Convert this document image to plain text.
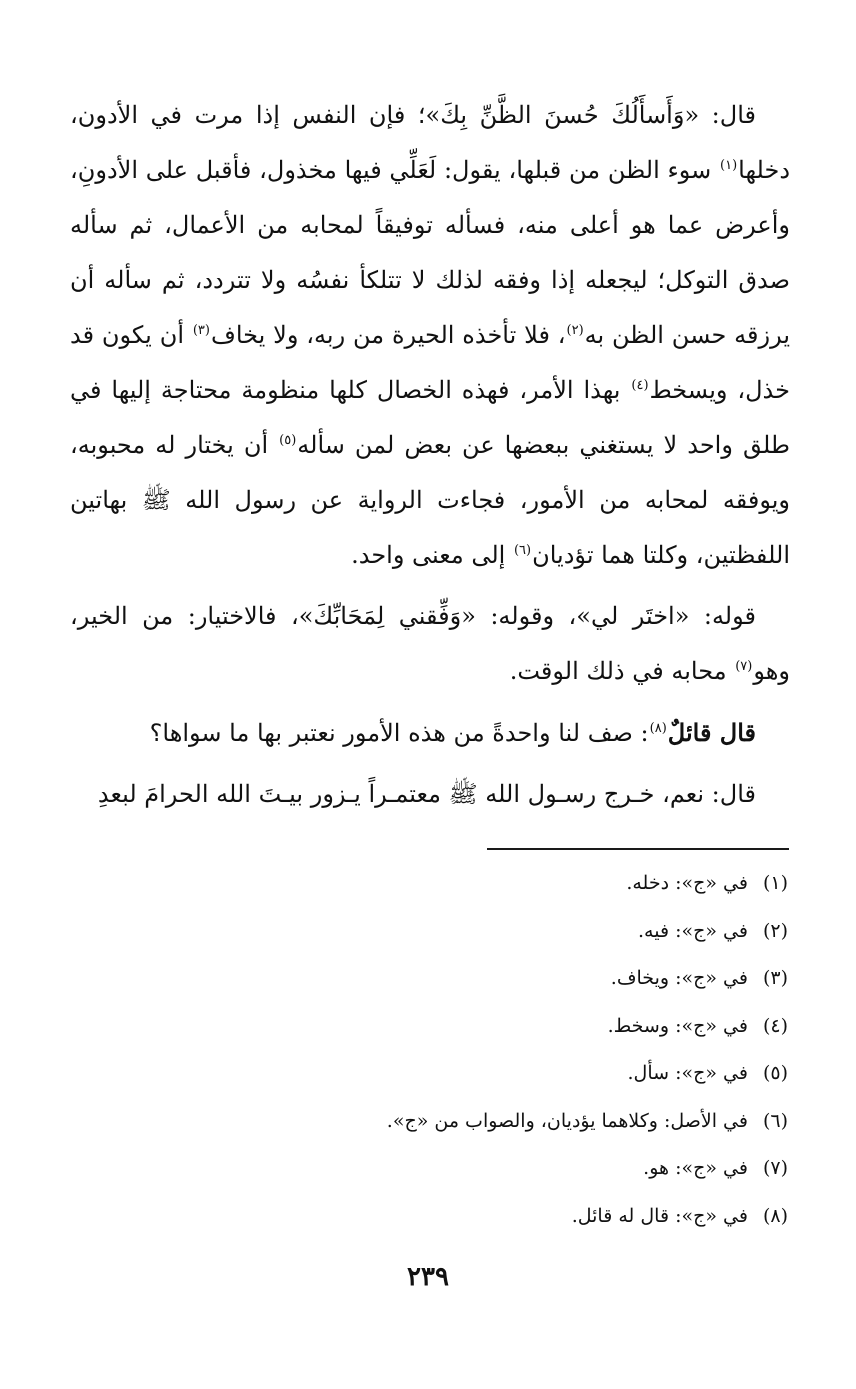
قال: «وَأَسأَلُكَ حُسنَ الظَّنِّ بِكَ»؛ فإن النفس إذا مرت في الأدون، دخلها$^{(١)}$ سوء الظن من قبلها، يقول: لَعَلِّي فيها مخذول، فأقبل على الأدونِ، وأعرض عما هو أعلى منه، فسأله توفيقاً لمحابه من الأعمال، ثم سأله صدق التوكل؛ ليجعله إذا وفقه لذلك لا تتلكأ نفسُه ولا تتردد، ثم سأله أن يرزقه حسن الظن به$^{(٢)}$، فلا تأخذه الحيرة من ربه، ولا يخاف$^{(٣)}$ أن يكون قد خذل، ويسخط$^{(٤)}$ بهذا الأمر، فهذه الخصال كلها منظومة محتاجة إليها في طلق واحد لا يستغني ببعضها عن بعض لمن سأله$^{(٥)}$ أن يختار له محبوبه، ويوفقه لمحابه من الأمور، فجاءت الرواية عن رسول الله ﷺ بهاتين اللفظتين، وكلتا هما تؤديان$^{(٦)}$ إلى معنى واحد.

قوله: «اختَر لي»، وقوله: «وَفِّقني لِمَحَابِّكَ»، فالاختيار: من الخير، وهو$^{(٧)}$ محابه في ذلك الوقت.

قال قائلٌ$^{(٨)}$: صف لنا واحدةً من هذه الأمور نعتبر بها ما سواها؟

قال: نعم، خـرج رسـول الله ﷺ معتمـراً يـزور بيـتَ الله الحرامَ لبعدِ

(١) في «ج»: دخله.
(٢) في «ج»: فيه.
(٣) في «ج»: ويخاف.
(٤) في «ج»: وسخط.
(٥) في «ج»: سأل.
(٦) في الأصل: وكلاهما يؤديان، والصواب من «ج».
(٧) في «ج»: هو.
(٨) في «ج»: قال له قائل.
٢٣٩
